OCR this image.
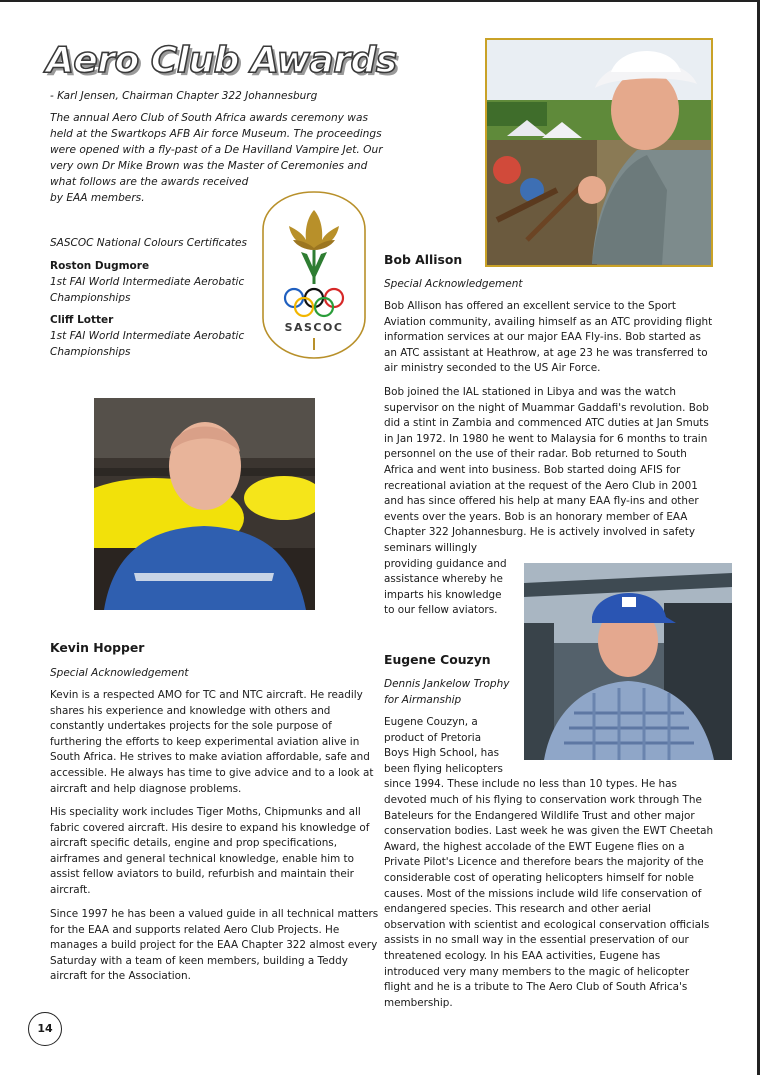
Aero Club Awards

- Karl Jensen, Chairman Chapter 322 Johannesburg

The annual Aero Club of South Africa awards ceremony was
held at the Swartkops AFB Air force Museum. The proceedings
were opened with a fly-past of a De Havilland Vampire Jet. Our
very own Dr Mike Brown was the Master of Ceremonies and
what follows are the awards received
by EAA members.

SASCOC National Colours Certificates

Roston Dugmore

1st FAI World Intermediate Aerobatic
Championships

Cliff Lotter

1st FAI World Intermediate Aerobatic
Championships

SASCOC
Bob Allison

Special Acknowledgement

Bob Allison has offered an excellent service to the Sport
Aviation community, availing himself as an ATC providing flight
information services at our major EAA Fly-ins. Bob started as
an ATC assistant at Heathrow, at age 23 he was transferred to
air ministry seconded to the US Air Force.

Bob joined the IAL stationed in Libya and was the watch
supervisor on the night of Muammar Gaddafi's revolution. Bob
did a stint in Zambia and commenced ATC duties at Jan Smuts
in Jan 1972. In 1980 he went to Malaysia for 6 months to train
personnel on the use of their radar. Bob returned to South
Africa and went into business. Bob started doing AFIS for
recreational aviation at the request of the Aero Club in 2001
and has since offered his help at many EAA fly-ins and other
events over the years. Bob is an honorary member of EAA
Chapter 322 Johannesburg. He is actively involved in safety
seminars willingly
providing guidance and
assistance whereby he
imparts his knowledge
to our fellow aviators.

Kevin Hopper

Special Acknowledgement

Kevin is a respected AMO for TC and NTC aircraft. He readily
shares his experience and knowledge with others and
constantly undertakes projects for the sole purpose of
furthering the efforts to keep experimental aviation alive in
South Africa. He strives to make aviation affordable, safe and
accessible. He always has time to give advice and to a look at
aircraft and help diagnose problems.

His speciality work includes Tiger Moths, Chipmunks and all
fabric covered aircraft. His desire to expand his knowledge of
aircraft specific details, engine and prop specifications,
airframes and general technical knowledge, enable him to
assist fellow aviators to build, refurbish and maintain their
aircraft.

Since 1997 he has been a valued guide in all technical matters
for the EAA and supports related Aero Club Projects. He
manages a build project for the EAA Chapter 322 almost every
Saturday with a team of keen members, building a Teddy
aircraft for the Association.

Eugene Couzyn

Dennis Jankelow Trophy
for Airmanship

Eugene Couzyn, a
product of Pretoria
Boys High School, has
been flying helicopters
since 1994. These include no less than 10 types. He has
devoted much of his flying to conservation work through The
Bateleurs for the Endangered Wildlife Trust and other major
conservation bodies. Last week he was given the EWT Cheetah
Award, the highest accolade of the EWT Eugene flies on a
Private Pilot's Licence and therefore bears the majority of the
considerable cost of operating helicopters himself for noble
causes. Most of the missions include wild life conservation of
endangered species. This research and other aerial
observation with scientist and ecological conservation officials
assists in no small way in the essential preservation of our
threatened ecology. In his EAA activities, Eugene has
introduced very many members to the magic of helicopter
flight and he is a tribute to The Aero Club of South Africa's
membership.

14
